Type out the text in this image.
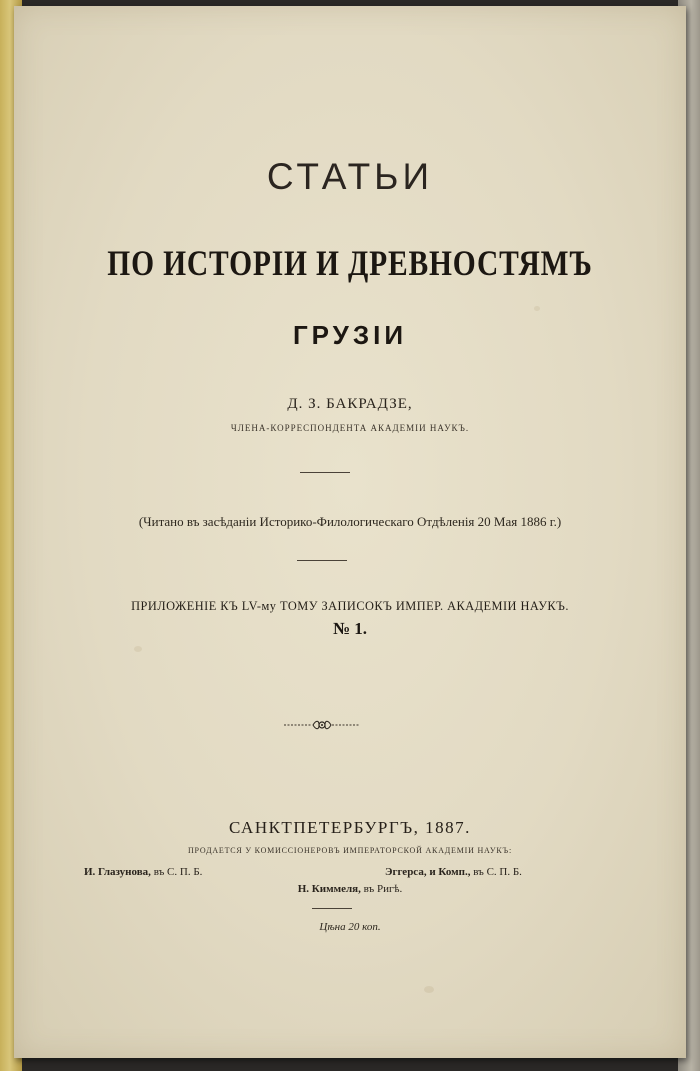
СТАТЬИ
ПО ИСТОРІИ И ДРЕВНОСТЯМЪ
ГРУЗІИ
Д. З. БАКРАДЗЕ,
ЧЛЕНА-КОРРЕСПОНДЕНТА АКАДЕМІИ НАУКЪ.
(Читано въ засѣданіи Историко-Филологическаго Отдѣленія 20 Мая 1886 г.)
ПРИЛОЖЕНІЕ КЪ LV-му ТОМУ ЗАПИСОКЪ ИМПЕР. АКАДЕМІИ НАУКЪ.
№ 1.
САНКТПЕТЕРБУРГЪ, 1887.
ПРОДАЕТСЯ У КОМИССІОНЕРОВЪ ИМПЕРАТОРСКОЙ АКАДЕМІИ НАУКЪ:
И. Глазунова, въ С. П. Б.	Эггерса, и Комп., въ С. П. Б.
Н. Киммеля, въ Ригѣ.
Цѣна 20 коп.
